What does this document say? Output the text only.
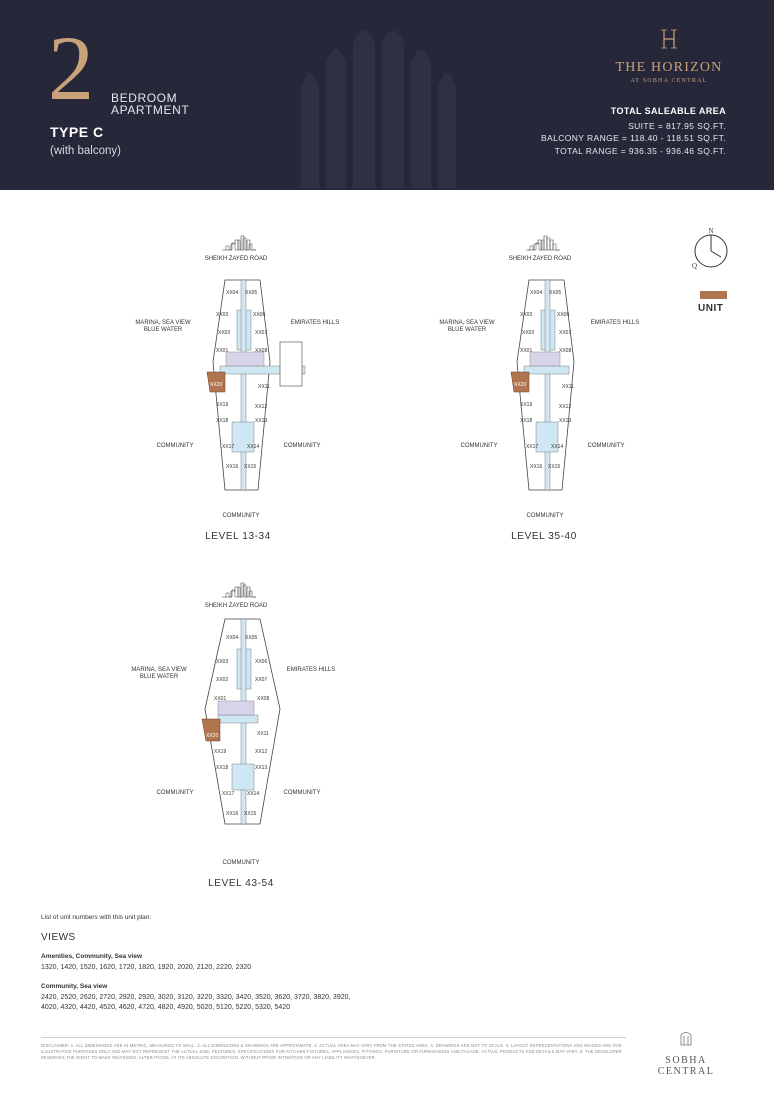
2 BEDROOM
APARTMENT
TYPE C
(with balcony)
THE HORIZON
AT SOBHA CENTRAL
TOTAL SALEABLE AREA
SUITE = 817.95 SQ.FT.
BALCONY RANGE = 118.40 - 118.51 SQ.FT.
TOTAL RANGE = 936.35 - 936.46 SQ.FT.
N
Q
UNIT
XX04 XX05
XX03	XX06
XX02	XX07
XX01	XX08
XX20	XX11
XX19	XX12
XX18	XX13
XX17	XX14
XX16 XX15
SHEIKH ZAYED ROAD
MARINA, SEA VIEW BLUE WATER
EMIRATES HILLS
COMMUNITY	COMMUNITY
COMMUNITY
LEVEL 13-34
XX04 XX05
XX03	XX06
XX02	XX07
XX01	XX08
XX20	XX11
XX19	XX12
XX18	XX13
XX17	XX14
XX16 XX15
SHEIKH ZAYED ROAD
MARINA, SEA VIEW BLUE WATER
EMIRATES HILLS
COMMUNITY	COMMUNITY
COMMUNITY
LEVEL 35-40
XX04 XX05
XX03	XX06
XX02	XX07
XX01	XX08
XX20	XX11
XX19	XX12
XX18	XX13
XX17	XX14
XX16 XX15
SHEIKH ZAYED ROAD
MARINA, SEA VIEW BLUE WATER
EMIRATES HILLS
COMMUNITY	COMMUNITY
COMMUNITY
LEVEL 43-54
List of unit numbers with this unit plan:
VIEWS
Amenities, Community, Sea view
1320, 1420, 1520, 1620, 1720, 1820, 1920, 2020, 2120, 2220, 2320
Community, Sea view
2420, 2520, 2620, 2720, 2920, 2920, 3020, 3120, 3220, 3320, 3420, 3520, 3620, 3720, 3820, 3920,
4020, 4320, 4420, 4520, 4620, 4720, 4820, 4920, 5020, 5120, 5220, 5320, 5420
DISCLAIMER: 1. ALL DIMENSIONS ARE IN METRIC, MEASURED TO WALL. 2. ALL DIMENSIONS & DRAWINGS ARE APPROXIMATE. 3. ACTUAL AREA MAY VARY FROM THE STATED AREA. 4. DRAWINGS ARE NOT TO SCALE. 5. LAYOUT REPRESENTATIONS AND IMAGES ARE FOR ILLUSTRATIVE PURPOSES ONLY AND MAY NOT REPRESENT THE ACTUAL SIZE, FEATURES, SPECIFICATIONS FOR KITCHEN FIXTURES, APPLIANCES, FITTINGS, FURNITURE OR FURNISHINGS AND FACADE. ACTUAL PRODUCTS AND DETAILS MAY VARY. 6. THE DEVELOPER RESERVES THE RIGHT TO MAKE REVISIONS, ALTERATIONS, AT ITS ABSOLUTE DISCRETION, WITHOUT PRIOR INTIMATION OR ANY LIABILITY WHATSOEVER.	SOBHA CENTRAL
